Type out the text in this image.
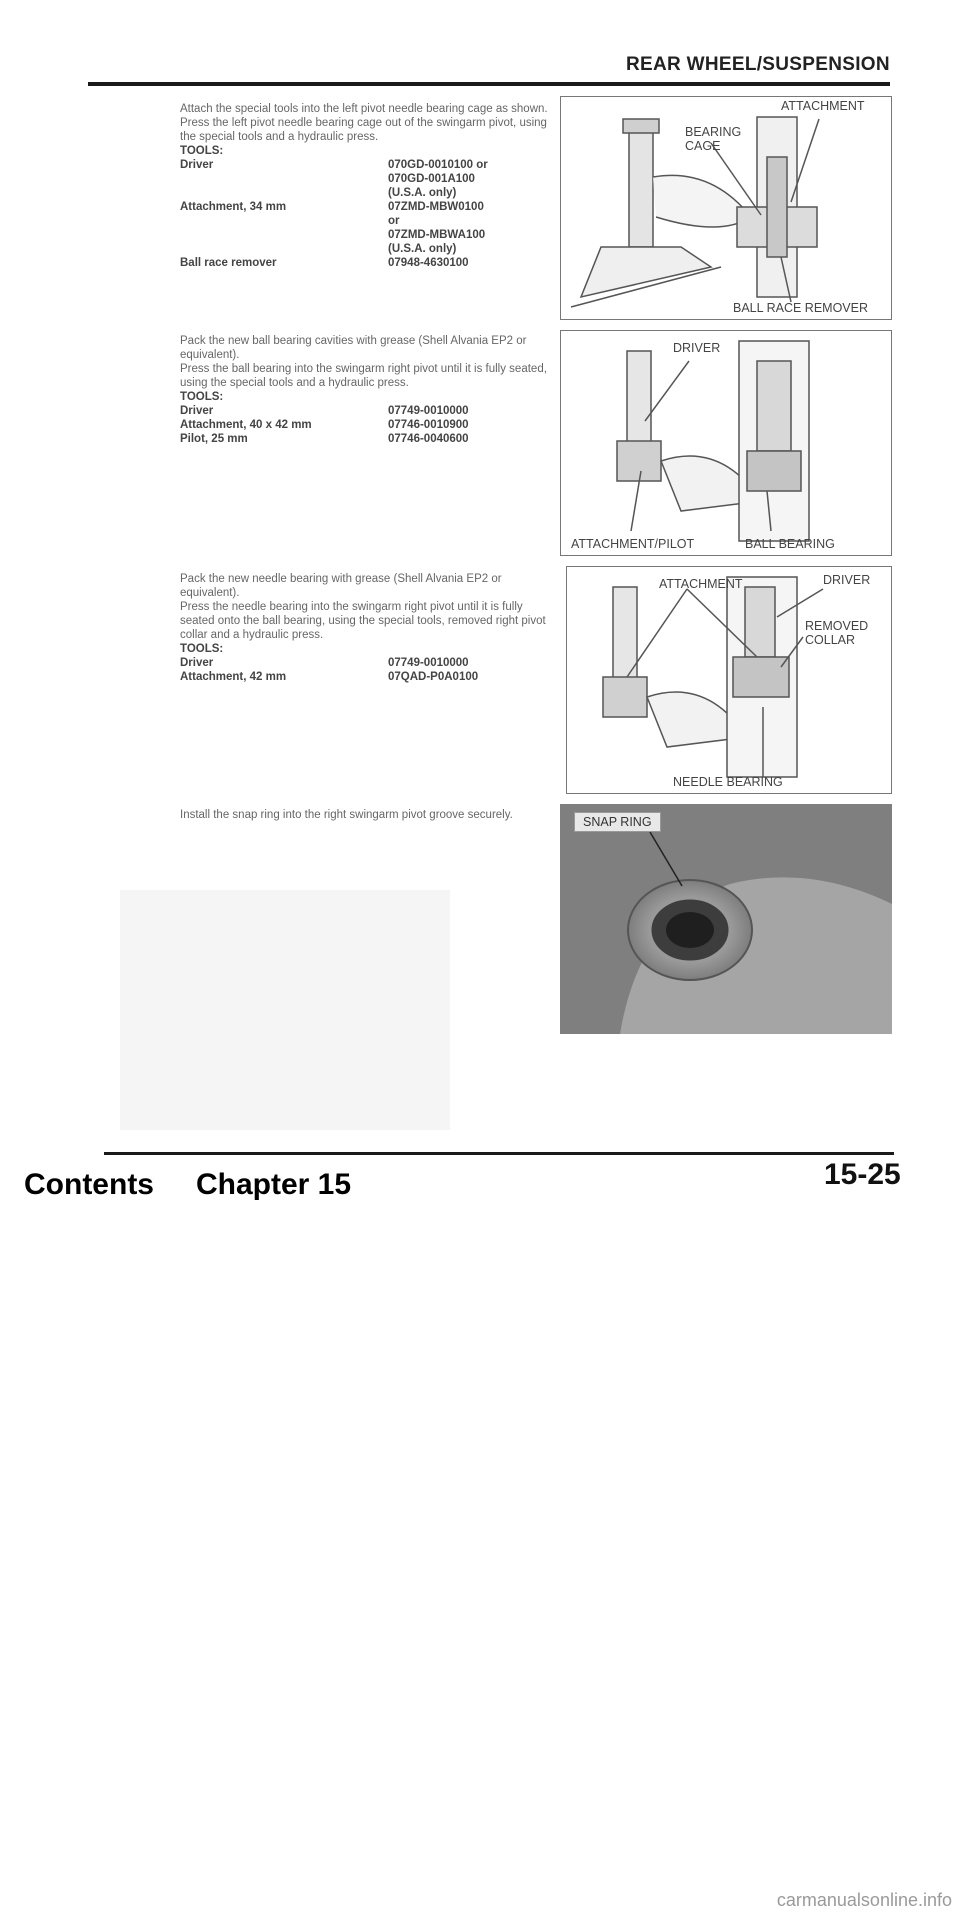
REAR WHEEL/SUSPENSION

Attach the special tools into the left pivot needle bearing cage as shown.

Press the left pivot needle bearing cage out of the swingarm pivot, using the special tools and a hydraulic press.

TOOLS:

Driver	070GD-0010100 or
070GD-001A100
(U.S.A. only)
Attachment, 34 mm	07ZMD-MBW0100
or
07ZMD-MBWA100
(U.S.A. only)
Ball race remover	07948-4630100
ATTACHMENT
BEARING
CAGE
BALL RACE REMOVER

Pack the new ball bearing cavities with grease (Shell Alvania EP2 or equivalent).

Press the ball bearing into the swingarm right pivot until it is fully seated, using the special tools and a hydraulic press.

TOOLS:

Driver	07749-0010000
Attachment, 40 x 42 mm	07746-0010900
Pilot, 25 mm	07746-0040600
DRIVER
ATTACHMENT/PILOT	BALL BEARING

Pack the new needle bearing with grease (Shell Alvania EP2 or equivalent).

Press the needle bearing into the swingarm right pivot until it is fully seated onto the ball bearing, using the special tools, removed right pivot collar and a hydraulic press.

TOOLS:

Driver	07749-0010000
Attachment, 42 mm	07QAD-P0A0100
ATTACHMENT	DRIVER
REMOVED
COLLAR
NEEDLE BEARING

Install the snap ring into the right swingarm pivot groove securely.	SNAP RING
15-25
Contents Chapter 15
carmanualsonline.info
